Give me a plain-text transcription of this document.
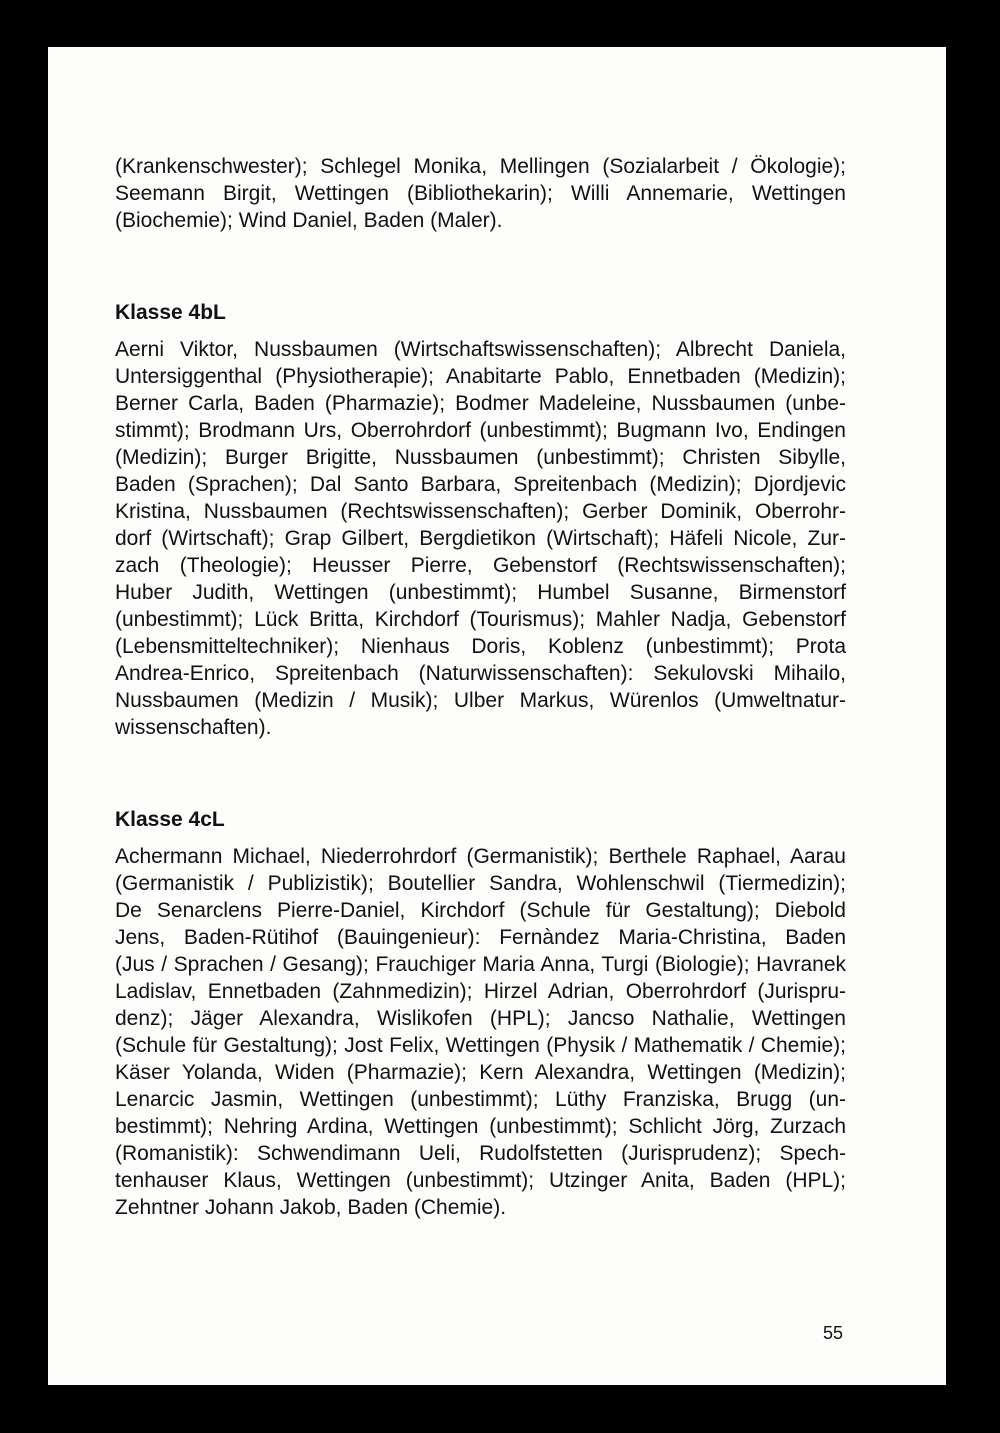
(Krankenschwester); Schlegel Monika, Mellingen (Sozialarbeit / Ökologie);
Seemann Birgit, Wettingen (Bibliothekarin); Willi Annemarie, Wettingen
(Biochemie); Wind Daniel, Baden (Maler).
Klasse 4bL
Aerni Viktor, Nussbaumen (Wirtschaftswissenschaften); Albrecht Daniela,
Untersiggenthal (Physiotherapie); Anabitarte Pablo, Ennetbaden (Medizin);
Berner Carla, Baden (Pharmazie); Bodmer Madeleine, Nussbaumen (unbe-
stimmt); Brodmann Urs, Oberrohrdorf (unbestimmt); Bugmann Ivo, Endingen
(Medizin); Burger Brigitte, Nussbaumen (unbestimmt); Christen Sibylle,
Baden (Sprachen); Dal Santo Barbara, Spreitenbach (Medizin); Djordjevic
Kristina, Nussbaumen (Rechtswissenschaften); Gerber Dominik, Oberrohr-
dorf (Wirtschaft); Grap Gilbert, Bergdietikon (Wirtschaft); Häfeli Nicole, Zur-
zach (Theologie); Heusser Pierre, Gebenstorf (Rechtswissenschaften);
Huber Judith, Wettingen (unbestimmt); Humbel Susanne, Birmenstorf
(unbestimmt); Lück Britta, Kirchdorf (Tourismus); Mahler Nadja, Gebenstorf
(Lebensmitteltechniker); Nienhaus Doris, Koblenz (unbestimmt); Prota
Andrea-Enrico, Spreitenbach (Naturwissenschaften): Sekulovski Mihailo,
Nussbaumen (Medizin / Musik); Ulber Markus, Würenlos (Umweltnatur-
wissenschaften).
Klasse 4cL
Achermann Michael, Niederrohrdorf (Germanistik); Berthele Raphael, Aarau
(Germanistik / Publizistik); Boutellier Sandra, Wohlenschwil (Tiermedizin);
De Senarclens Pierre-Daniel, Kirchdorf (Schule für Gestaltung); Diebold
Jens, Baden-Rütihof (Bauingenieur): Fernàndez Maria-Christina, Baden
(Jus / Sprachen / Gesang); Frauchiger Maria Anna, Turgi (Biologie); Havranek
Ladislav, Ennetbaden (Zahnmedizin); Hirzel Adrian, Oberrohrdorf (Jurispru-
denz); Jäger Alexandra, Wislikofen (HPL); Jancso Nathalie, Wettingen
(Schule für Gestaltung); Jost Felix, Wettingen (Physik / Mathematik / Chemie);
Käser Yolanda, Widen (Pharmazie); Kern Alexandra, Wettingen (Medizin);
Lenarcic Jasmin, Wettingen (unbestimmt); Lüthy Franziska, Brugg (un-
bestimmt); Nehring Ardina, Wettingen (unbestimmt); Schlicht Jörg, Zurzach
(Romanistik): Schwendimann Ueli, Rudolfstetten (Jurisprudenz); Spech-
tenhauser Klaus, Wettingen (unbestimmt); Utzinger Anita, Baden (HPL);
Zehntner Johann Jakob, Baden (Chemie).
55
